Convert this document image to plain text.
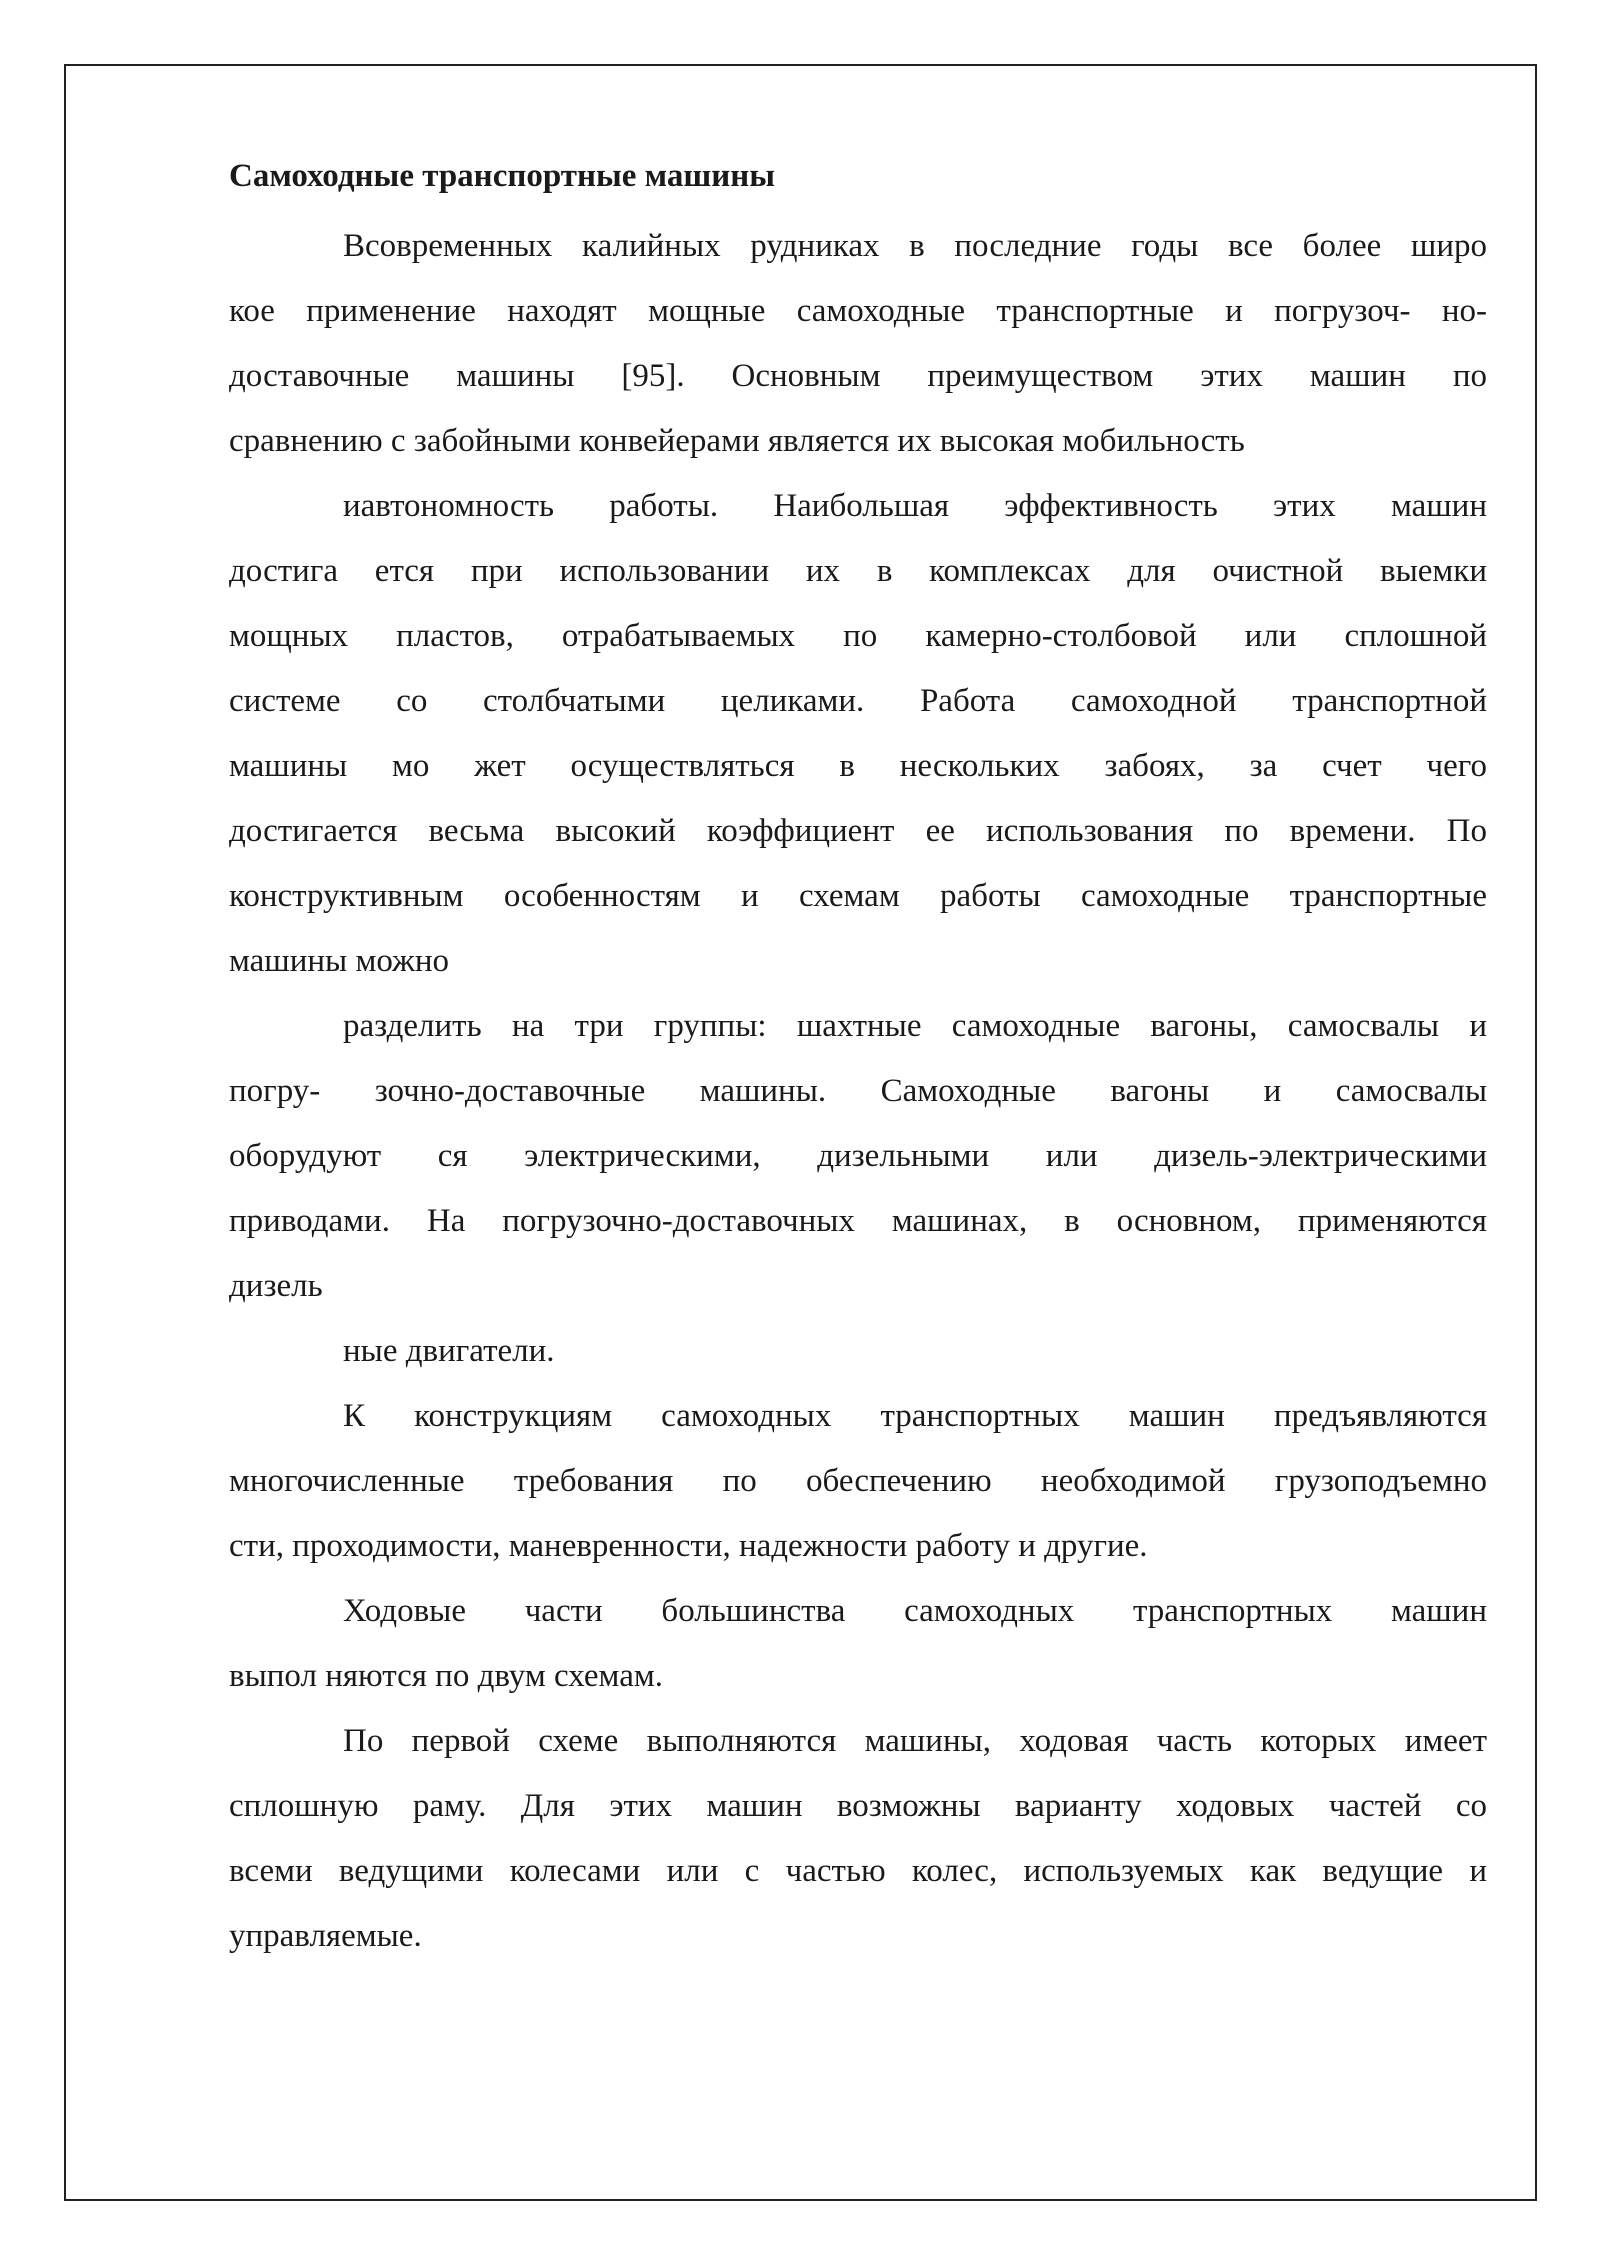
Самоходные транспортные машины

Всовременных калийных рудниках в последние годы все более широ
кое применение находят мощные самоходные транспортные и погрузоч- но-
доставочные машины [95]. Основным преимуществом этих машин по
сравнению с забойными конвейерами является их высокая мобильность

иавтономность работы. Наибольшая эффективность этих машин
достига ется при использовании их в комплексах для очистной выемки
мощных пластов, отрабатываемых по камерно-столбовой или сплошной
системе со столбчатыми целиками. Работа самоходной транспортной
машины мо жет осуществляться в нескольких забоях, за счет чего
достигается весьма высокий коэффициент ее использования по времени. По
конструктивным особенностям и схемам работы самоходные транспортные
машины можно

разделить на три группы: шахтные самоходные вагоны, самосвалы и
погру- зочно-доставочные машины. Самоходные вагоны и самосвалы
оборудуют ся электрическими, дизельными или дизель-электрическими
приводами. На погрузочно-доставочных машинах, в основном, применяются
дизель

ные двигатели.

К конструкциям самоходных транспортных машин предъявляются
многочисленные требования по обеспечению необходимой грузоподъемно
сти, проходимости, маневренности, надежности работу и другие.

Ходовые части большинства самоходных транспортных машин
выпол няются по двум схемам.

По первой схеме выполняются машины, ходовая часть которых имеет
сплошную раму. Для этих машин возможны варианту ходовых частей со
всеми ведущими колесами или с частью колес, используемых как ведущие и
управляемые.
